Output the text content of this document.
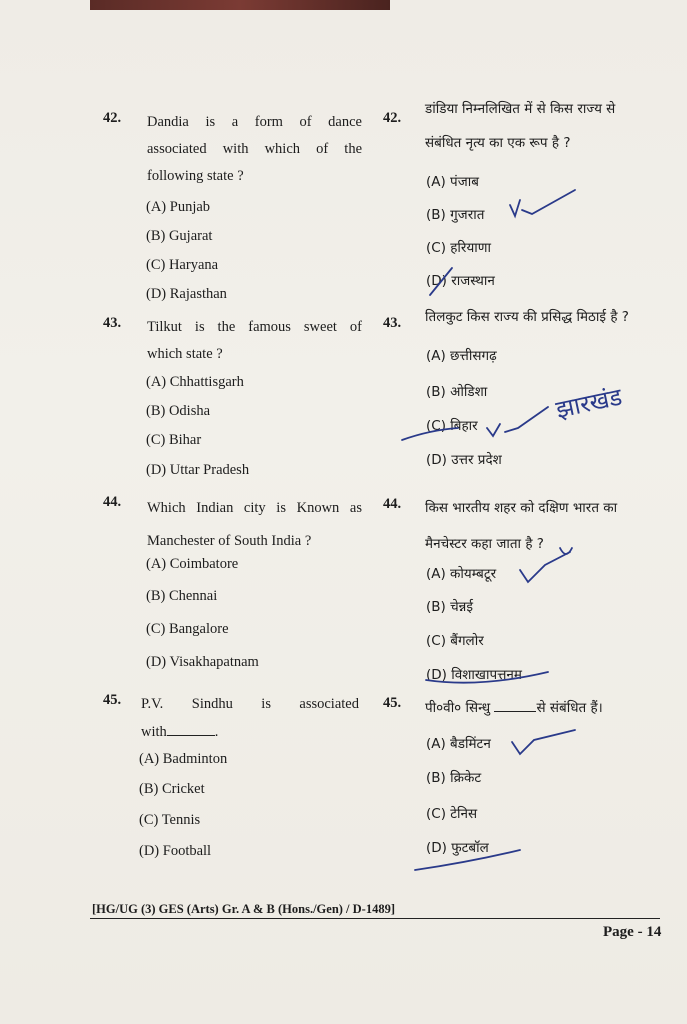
42. Dandia is a form of dance
associated with which of the
following state ?
(A) Punjab
(B) Gujarat
(C) Haryana
(D) Rajasthan
43. Tilkut is the famous sweet of
which state ?
(A) Chhattisgarh
(B) Odisha
(C) Bihar
(D) Uttar Pradesh
44. Which Indian city is Known as
Manchester of South India ?
(A) Coimbatore
(B) Chennai
(C) Bangalore
(D) Visakhapatnam
45. P.V. Sindhu is associated
with	.
(A) Badminton
(B) Cricket
(C) Tennis
(D) Football
42.
डांडिया निम्नलिखित में से किस राज्य से
संबंधित नृत्य का एक रूप है ?
(A) पंजाब
(B) गुजरात
(C) हरियाणा
(D) राजस्थान
43. तिलकुट किस राज्य की प्रसिद्ध मिठाई है ?
(A) छत्तीसगढ़
(B) ओडिशा
(C) बिहार
(D) उत्तर प्रदेश
44. किस भारतीय शहर को दक्षिण भारत का
मैनचेस्टर कहा जाता है ?
(A) कोयम्बटूर
(B) चेन्नई
(C) बैंगलोर
(D) विशाखापत्तनम
45. पी०वी० सिन्धु	से संबंधित हैं।
(A) बैडमिंटन
(B) क्रिकेट
(C) टेनिस
(D) फुटबॉल
[HG/UG (3) GES (Arts) Gr. A & B (Hons./Gen) / D-1489]
Page - 14
झारखंड
